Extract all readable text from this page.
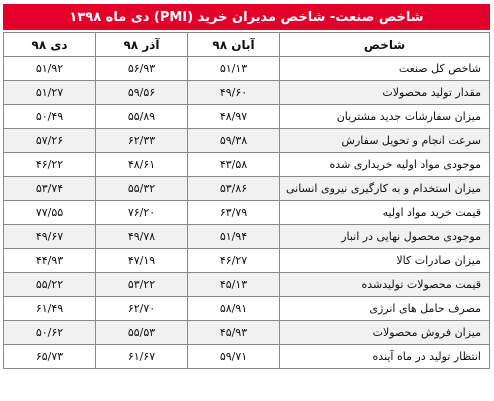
شاخص صنعت- شاخص مدیران خرید (PMI) دی ماه ۱۳۹۸
شاخص	آبان ۹۸	آذر ۹۸	دی ۹۸
شاخص کل صنعت	۵۱/۱۳	۵۶/۹۳	۵۱/۹۲
مقدار تولید محصولات	۴۹/۶۰	۵۹/۵۶	۵۱/۲۷
میزان سفارشات جدید مشتریان	۴۸/۹۷	۵۵/۸۹	۵۰/۴۹
سرعت انجام و تحویل سفارش	۵۹/۳۸	۶۲/۳۳	۵۷/۲۶
موجودی مواد اولیه خریداری شده	۴۳/۵۸	۴۸/۶۱	۴۶/۲۲
میزان استخدام و به کارگیری نیروی انسانی	۵۳/۸۶	۵۵/۳۲	۵۳/۷۴
قیمت خرید مواد اولیه	۶۳/۷۹	۷۶/۲۰	۷۷/۵۵
موجودی محصول نهایی در انبار	۵۱/۹۴	۴۹/۷۸	۴۹/۶۷
میزان صادرات کالا	۴۶/۲۷	۴۷/۱۹	۴۴/۹۳
قیمت محصولات تولیدشده	۴۵/۱۳	۵۳/۲۲	۵۵/۲۲
مصرف حامل های انرژی	۵۸/۹۱	۶۲/۷۰	۶۱/۴۹
میزان فروش محصولات	۴۵/۹۳	۵۵/۵۳	۵۰/۶۲
انتظار تولید در ماه آینده	۵۹/۷۱	۶۱/۶۷	۶۵/۷۳
